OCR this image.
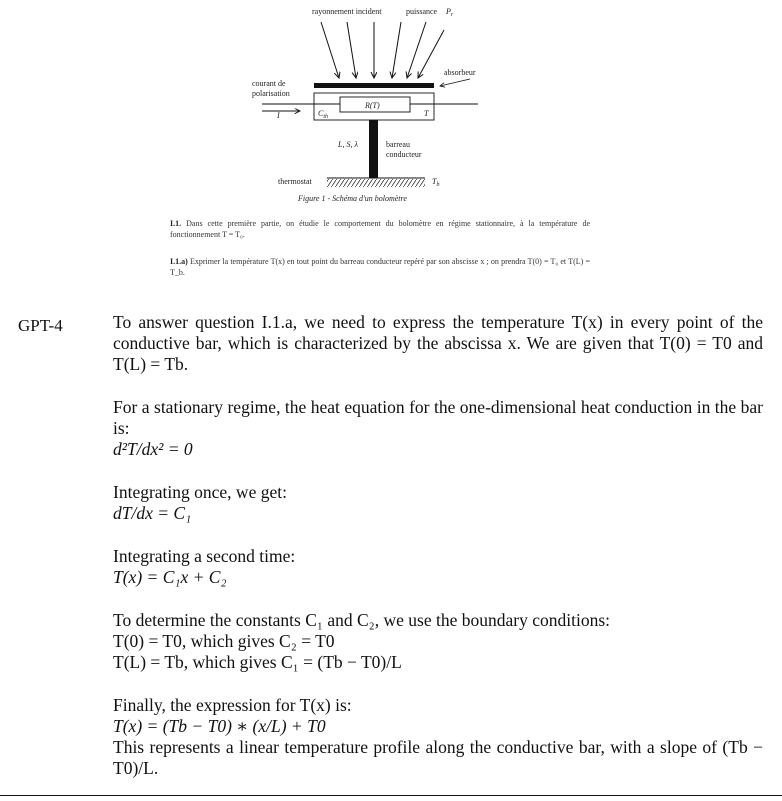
rayonnement incident	puissance $P_r$
absorbeur
R(T)
$C_{th}$	T
courant de
polarisation
I
L, S, λ	barreau
conducteur
thermostat	$T_b$
Figure 1 - Schéma d'un bolomètre
I.1. Dans cette première partie, on étudie le comportement du bolomètre en régime stationnaire, à la température de fonctionnement T = T₀.
I.1.a) Exprimer la température T(x) en tout point du barreau conducteur repéré par son abscisse x ; on prendra T(0) = T₀ et T(L) = T_b.
GPT-4	To answer question I.1.a, we need to express the temperature T(x) in every point of the conductive bar, which is characterized by the abscissa x. We are given that T(0) = T0 and T(L) = Tb.

For a stationary regime, the heat equation for the one-dimensional heat conduction in the bar is:
d²T/dx² = 0

Integrating once, we get:
dT/dx = C₁

Integrating a second time:
T(x) = C₁x + C₂

To determine the constants C₁ and C₂, we use the boundary conditions:
T(0) = T0, which gives C₂ = T0
T(L) = Tb, which gives C₁ = (Tb − T0)/L

Finally, the expression for T(x) is:
T(x) = (Tb − T0) ∗ (x/L) + T0
This represents a linear temperature profile along the conductive bar, with a slope of (Tb − T0)/L.
